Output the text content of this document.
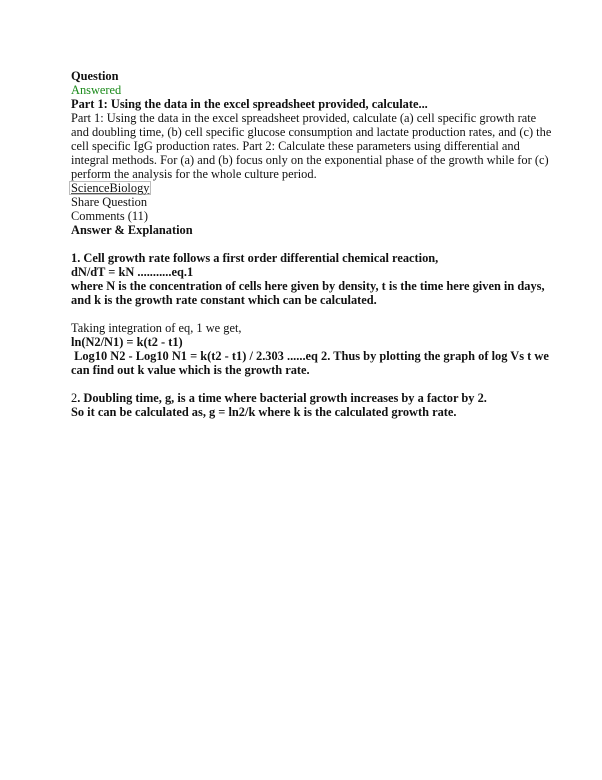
Question
Answered
Part 1: Using the data in the excel spreadsheet provided, calculate...
Part 1: Using the data in the excel spreadsheet provided, calculate (a) cell specific growth rate
and doubling time, (b) cell specific glucose consumption and lactate production rates, and (c) the
cell specific IgG production rates. Part 2: Calculate these parameters using differential and
integral methods. For (a) and (b) focus only on the exponential phase of the growth while for (c)
perform the analysis for the whole culture period.
ScienceBiology
Share Question
Comments (11)
Answer & Explanation
1. Cell growth rate follows a first order differential chemical reaction,
dN/dT = kN ...........eq.1
where N is the concentration of cells here given by density, t is the time here given in days,
and k is the growth rate constant which can be calculated.
Taking integration of eq, 1 we get,
ln(N2/N1) = k(t2 - t1)
Log10 N2 - Log10 N1 = k(t2 - t1) / 2.303 ......eq 2. Thus by plotting the graph of log Vs t we
can find out k value which is the growth rate.
2. Doubling time, g, is a time where bacterial growth increases by a factor by 2.
So it can be calculated as, g = ln2/k where k is the calculated growth rate.
